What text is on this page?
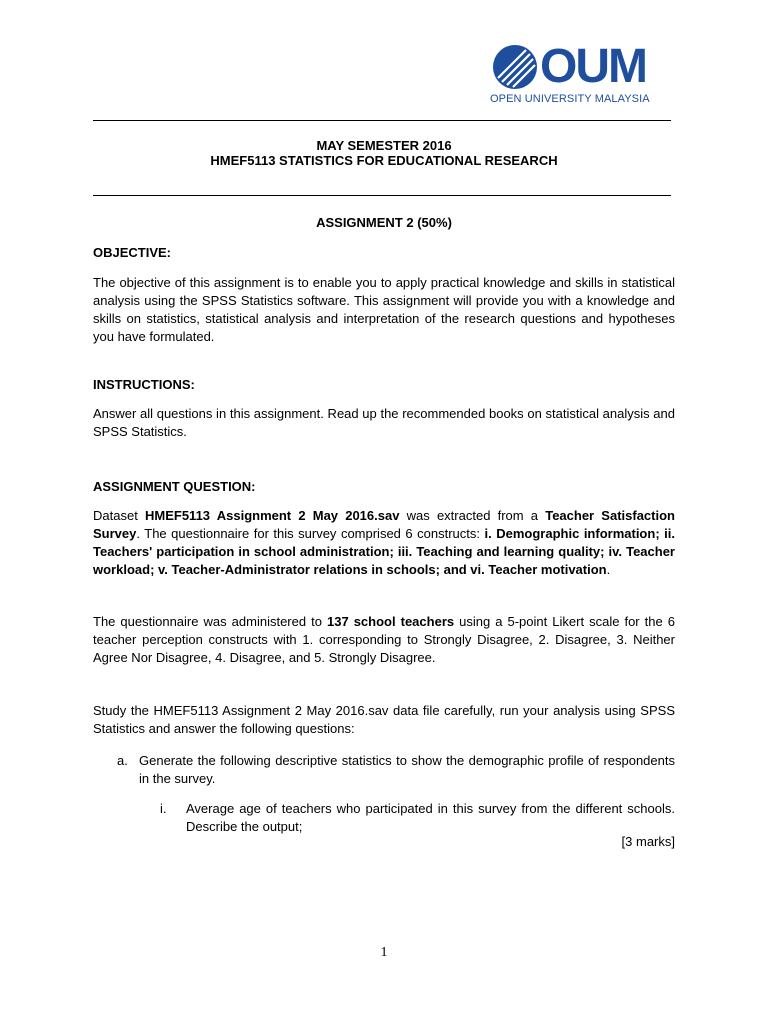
OUM
OPEN UNIVERSITY MALAYSIA
MAY SEMESTER 2016
HMEF5113 STATISTICS FOR EDUCATIONAL RESEARCH
ASSIGNMENT 2 (50%)
OBJECTIVE:

The objective of this assignment is to enable you to apply practical knowledge and skills in statistical analysis using the SPSS Statistics software. This assignment will provide you with a knowledge and skills on statistics, statistical analysis and interpretation of the research questions and hypotheses you have formulated.

INSTRUCTIONS:

Answer all questions in this assignment. Read up the recommended books on statistical analysis and SPSS Statistics.

ASSIGNMENT QUESTION:

Dataset HMEF5113 Assignment 2 May 2016.sav was extracted from a Teacher Satisfaction Survey. The questionnaire for this survey comprised 6 constructs: i. Demographic information; ii. Teachers' participation in school administration; iii. Teaching and learning quality; iv. Teacher workload; v. Teacher-Administrator relations in schools; and vi. Teacher motivation.

The questionnaire was administered to 137 school teachers using a 5-point Likert scale for the 6 teacher perception constructs with 1. corresponding to Strongly Disagree, 2. Disagree, 3. Neither Agree Nor Disagree, 4. Disagree, and 5. Strongly Disagree.

Study the HMEF5113 Assignment 2 May 2016.sav data file carefully, run your analysis using SPSS Statistics and answer the following questions:

a. Generate the following descriptive statistics to show the demographic profile of respondents in the survey.
i. Average age of teachers who participated in this survey from the different schools. Describe the output;
[3 marks]
1
